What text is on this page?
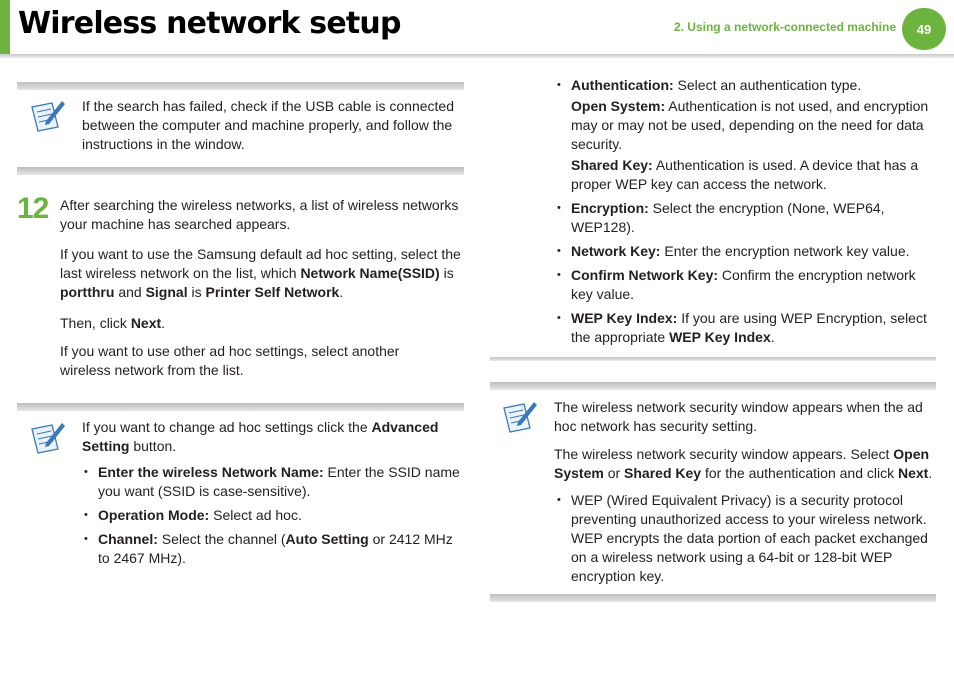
Wireless network setup	2. Using a network-connected machine 49

If the search has failed, check if the USB cable is connected between the computer and machine properly, and follow the instructions in the window.

12 After searching the wireless networks, a list of wireless networks your machine has searched appears.

If you want to use the Samsung default ad hoc setting, select the last wireless network on the list, which Network Name(SSID) is portthru and Signal is Printer Self Network.

Then, click Next.

If you want to use other ad hoc settings, select another wireless network from the list.

If you want to change ad hoc settings click the Advanced Setting button.

• Enter the wireless Network Name: Enter the SSID name you want (SSID is case-sensitive).
• Operation Mode: Select ad hoc.
• Channel: Select the channel (Auto Setting or 2412 MHz to 2467 MHz).
• Authentication: Select an authentication type.
Open System: Authentication is not used, and encryption may or may not be used, depending on the need for data security.
Shared Key: Authentication is used. A device that has a proper WEP key can access the network.
• Encryption: Select the encryption (None, WEP64, WEP128).
• Network Key: Enter the encryption network key value.
• Confirm Network Key: Confirm the encryption network key value.
• WEP Key Index: If you are using WEP Encryption, select the appropriate WEP Key Index.

The wireless network security window appears when the ad hoc network has security setting.

The wireless network security window appears. Select Open System or Shared Key for the authentication and click Next.

• WEP (Wired Equivalent Privacy) is a security protocol preventing unauthorized access to your wireless network. WEP encrypts the data portion of each packet exchanged on a wireless network using a 64-bit or 128-bit WEP encryption key.
